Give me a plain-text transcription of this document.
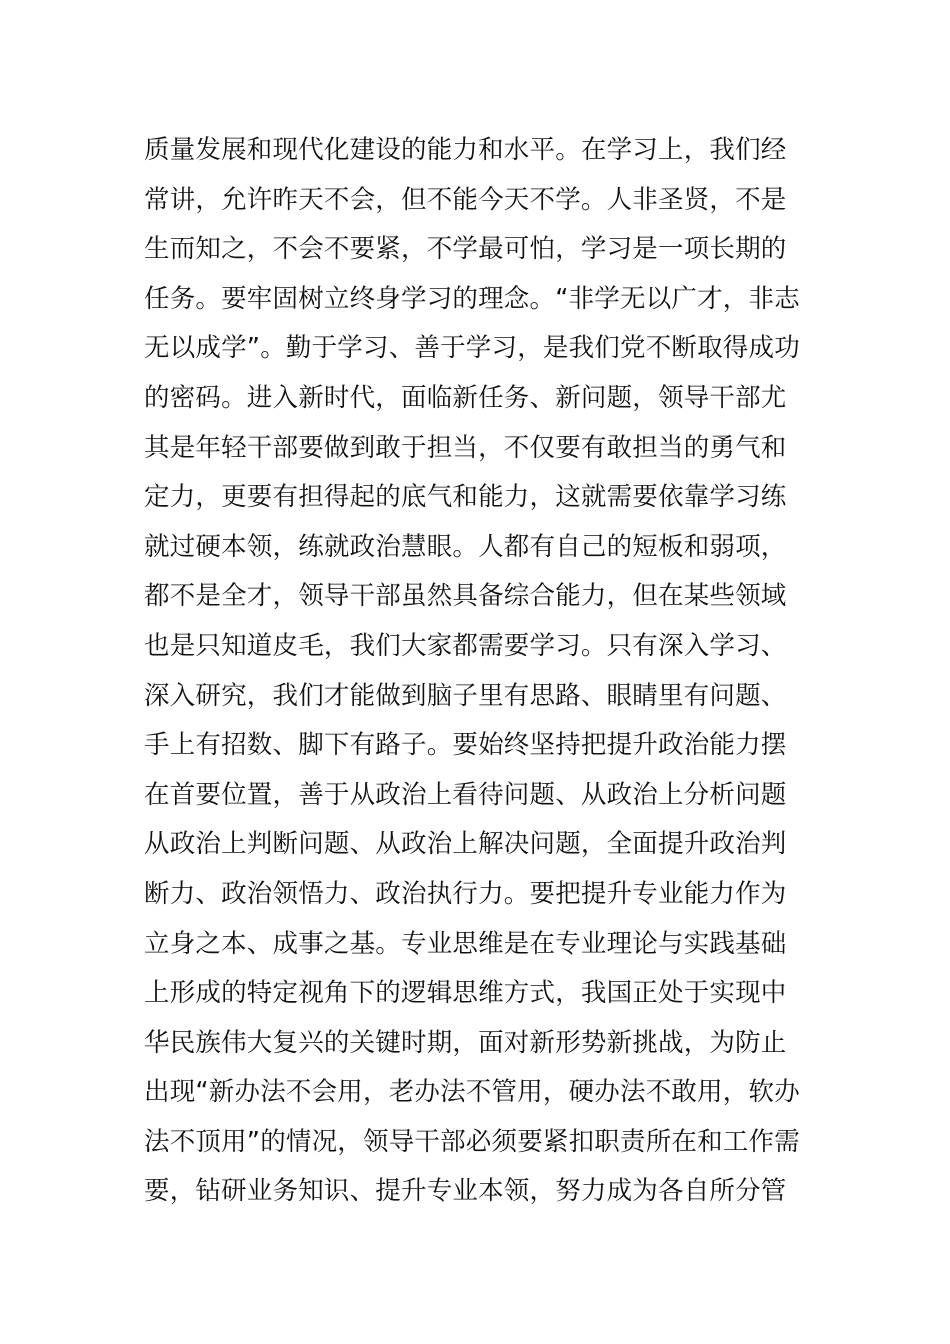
质量发展和现代化建设的能力和水平。在学习上，我们经
常讲，允许昨天不会，但不能今天不学。人非圣贤，不是
生而知之，不会不要紧，不学最可怕，学习是一项长期的
任务。要牢固树立终身学习的理念。“非学无以广才，非志
无以成学”。勤于学习、善于学习，是我们党不断取得成功
的密码。进入新时代，面临新任务、新问题，领导干部尤
其是年轻干部要做到敢于担当，不仅要有敢担当的勇气和
定力，更要有担得起的底气和能力，这就需要依靠学习练
就过硬本领，练就政治慧眼。人都有自己的短板和弱项，
都不是全才，领导干部虽然具备综合能力，但在某些领域
也是只知道皮毛，我们大家都需要学习。只有深入学习、
深入研究，我们才能做到脑子里有思路、眼睛里有问题、
手上有招数、脚下有路子。要始终坚持把提升政治能力摆
在首要位置，善于从政治上看待问题、从政治上分析问题
从政治上判断问题、从政治上解决问题，全面提升政治判
断力、政治领悟力、政治执行力。要把提升专业能力作为
立身之本、成事之基。专业思维是在专业理论与实践基础
上形成的特定视角下的逻辑思维方式，我国正处于实现中
华民族伟大复兴的关键时期，面对新形势新挑战，为防止
出现“新办法不会用，老办法不管用，硬办法不敢用，软办
法不顶用”的情况，领导干部必须要紧扣职责所在和工作需
要，钻研业务知识、提升专业本领，努力成为各自所分管
